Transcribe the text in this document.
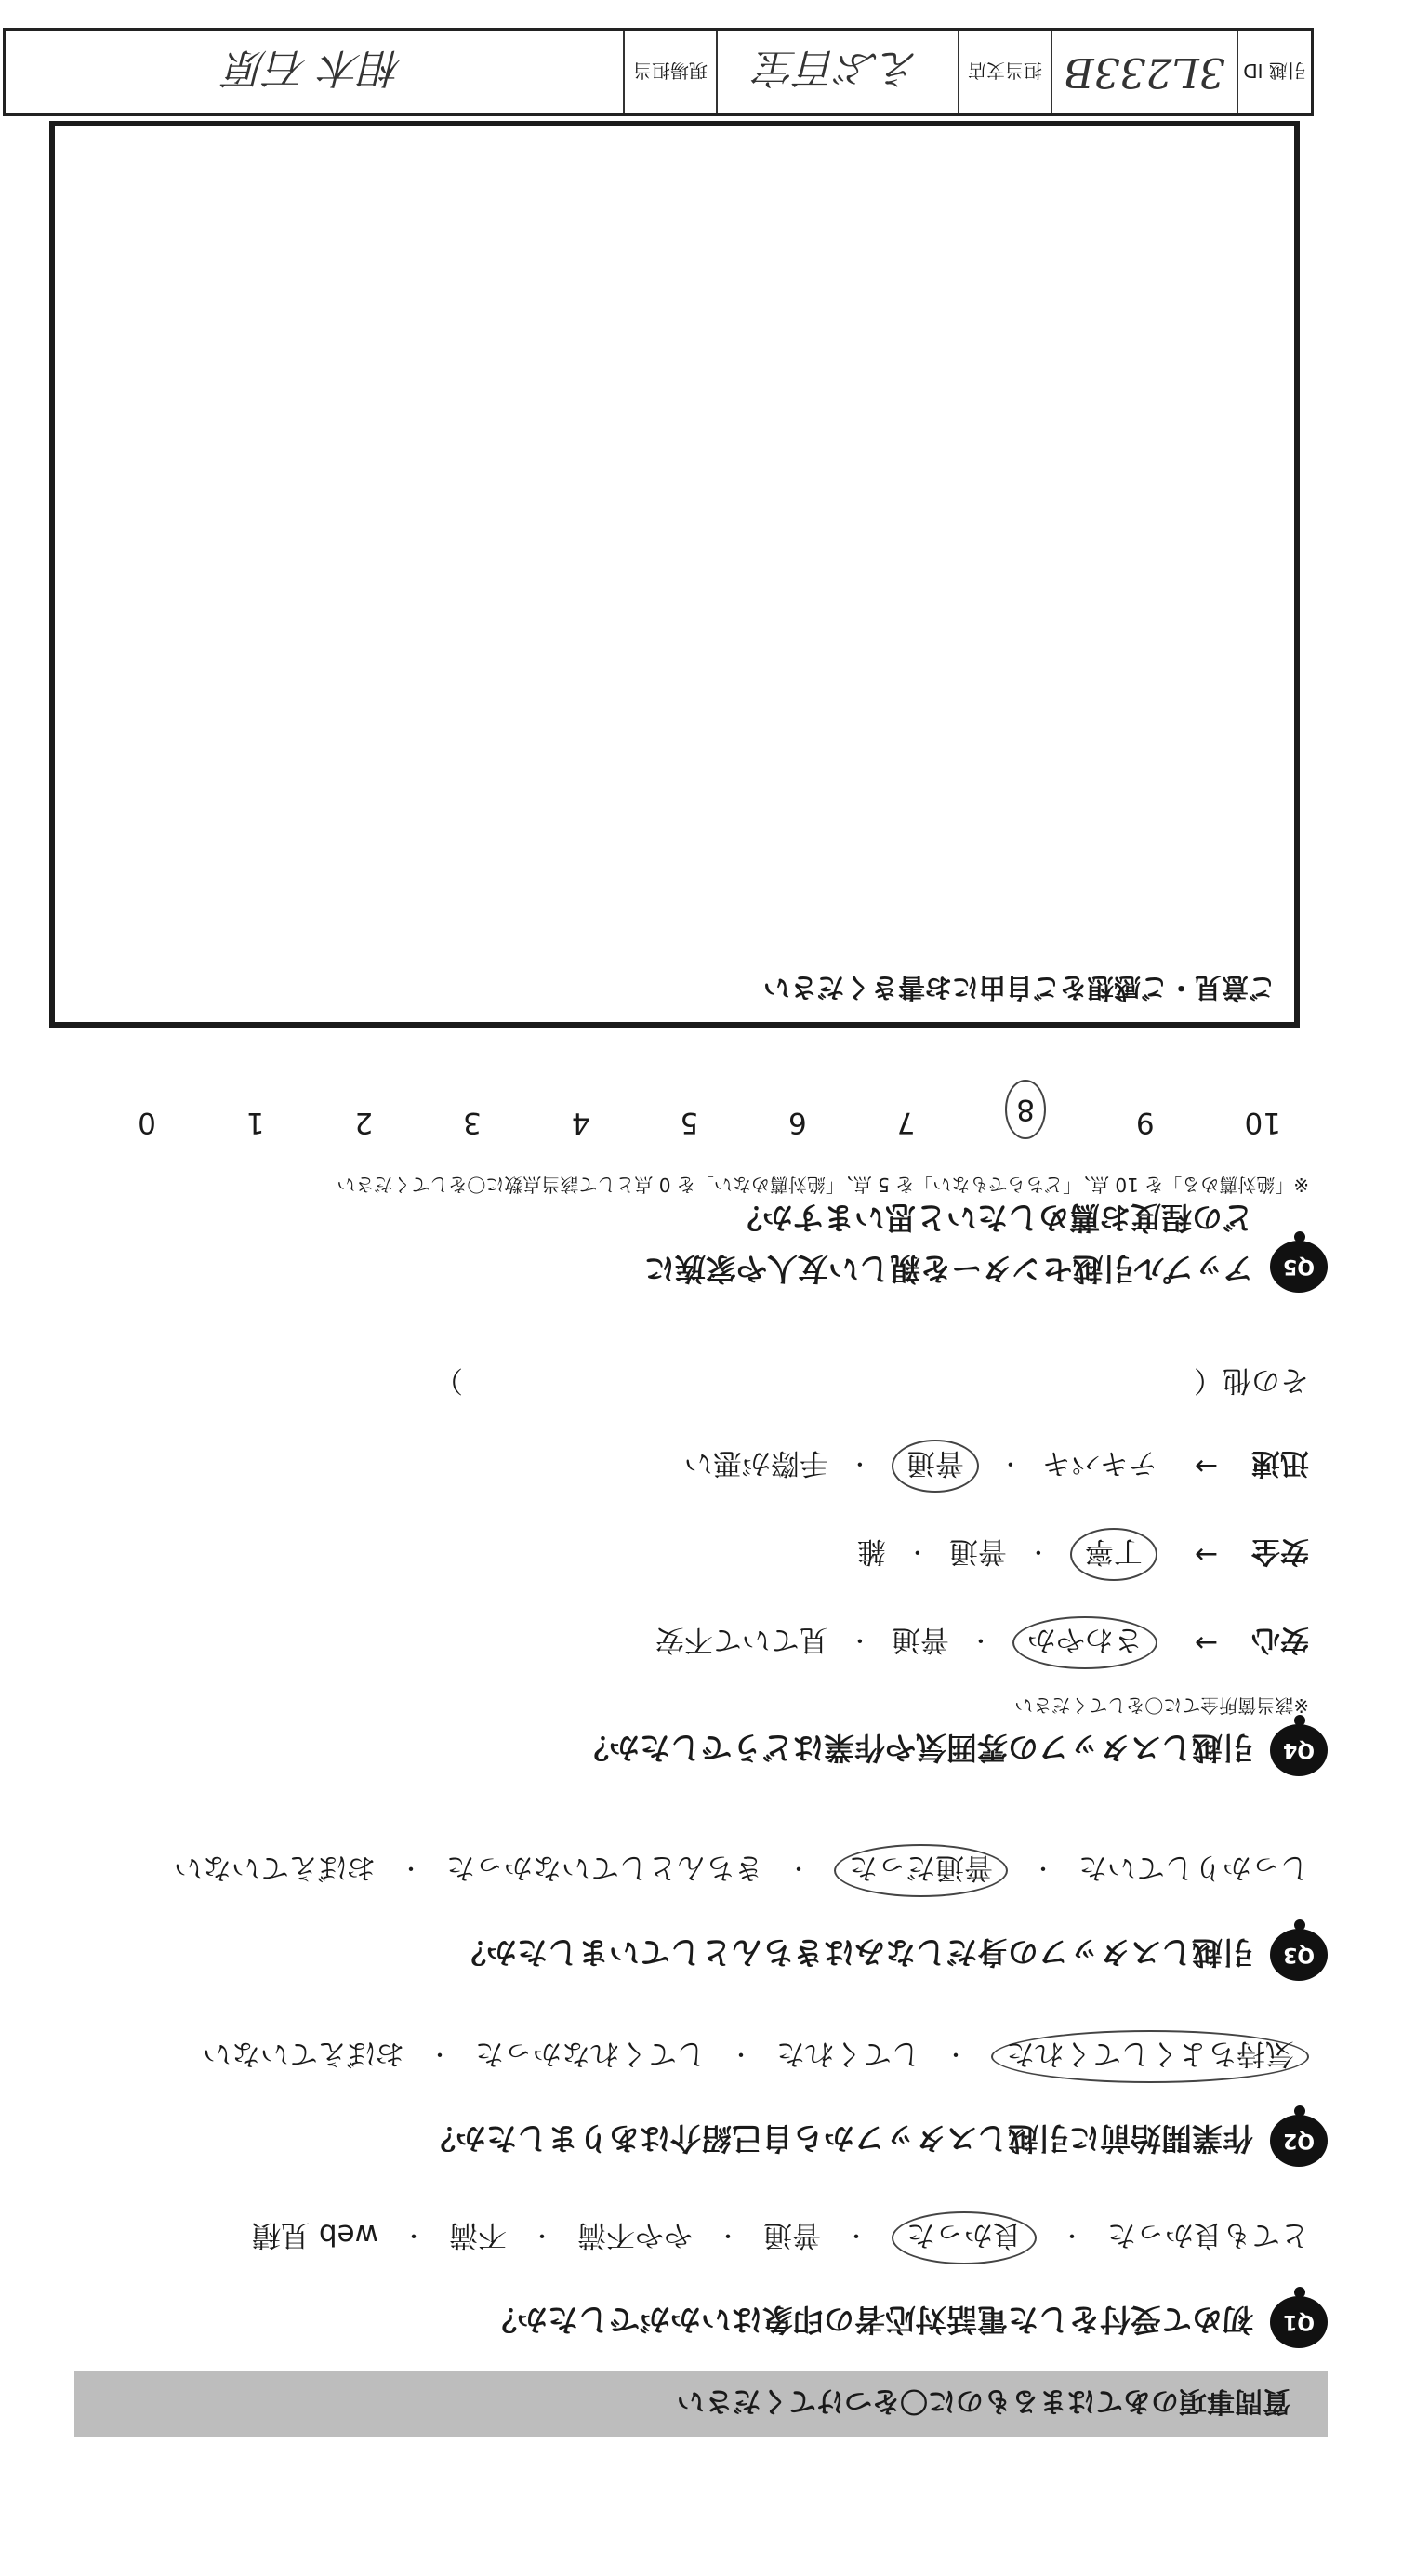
質問事項のあてはまるものに〇をつけてください
Q1
初めて受付をした電話対応者の印象はいかがでしたか？
とても良かった
・
良かった
・
普通
・
やや不満
・
不満
・
web 見積
Q2
作業開始前に引越しスタッフから自己紹介はありましたか？
気持ちよくしてくれた
・
してくれた
・
してくれなかった
・
おぼえていない
Q3
引越しスタッフの身だしなみはきちんとしていましたか？
しっかりしていた
・
普通だった
・
きちんとしていなかった
・
おぼえていない
Q4
引越しスタッフの雰囲気や作業はどうでしたか？
※該当箇所全てに〇をしてください
安心
→
さわやか
・
普通
・
見ていて不安
安全
→
丁寧
・
普通
・
雑
迅速
→
テキパキ
・
普通
・
手際が悪い
その他（
）
Q5
アップル引越センターを親しい友人や家族に
どの程度お薦めしたいと思いますか？
※「絶対薦める」を 10 点、「どちらでもない」を 5 点、「絶対薦めない」を 0 点として該当点数に〇をしてください
10
9
8
7
6
5
4
3
2
1
0
ご意見・ご感想をご自由にお書きください
引越 ID
3L233B
担当支店
えぶ百宝
現場担当
相木 石原
